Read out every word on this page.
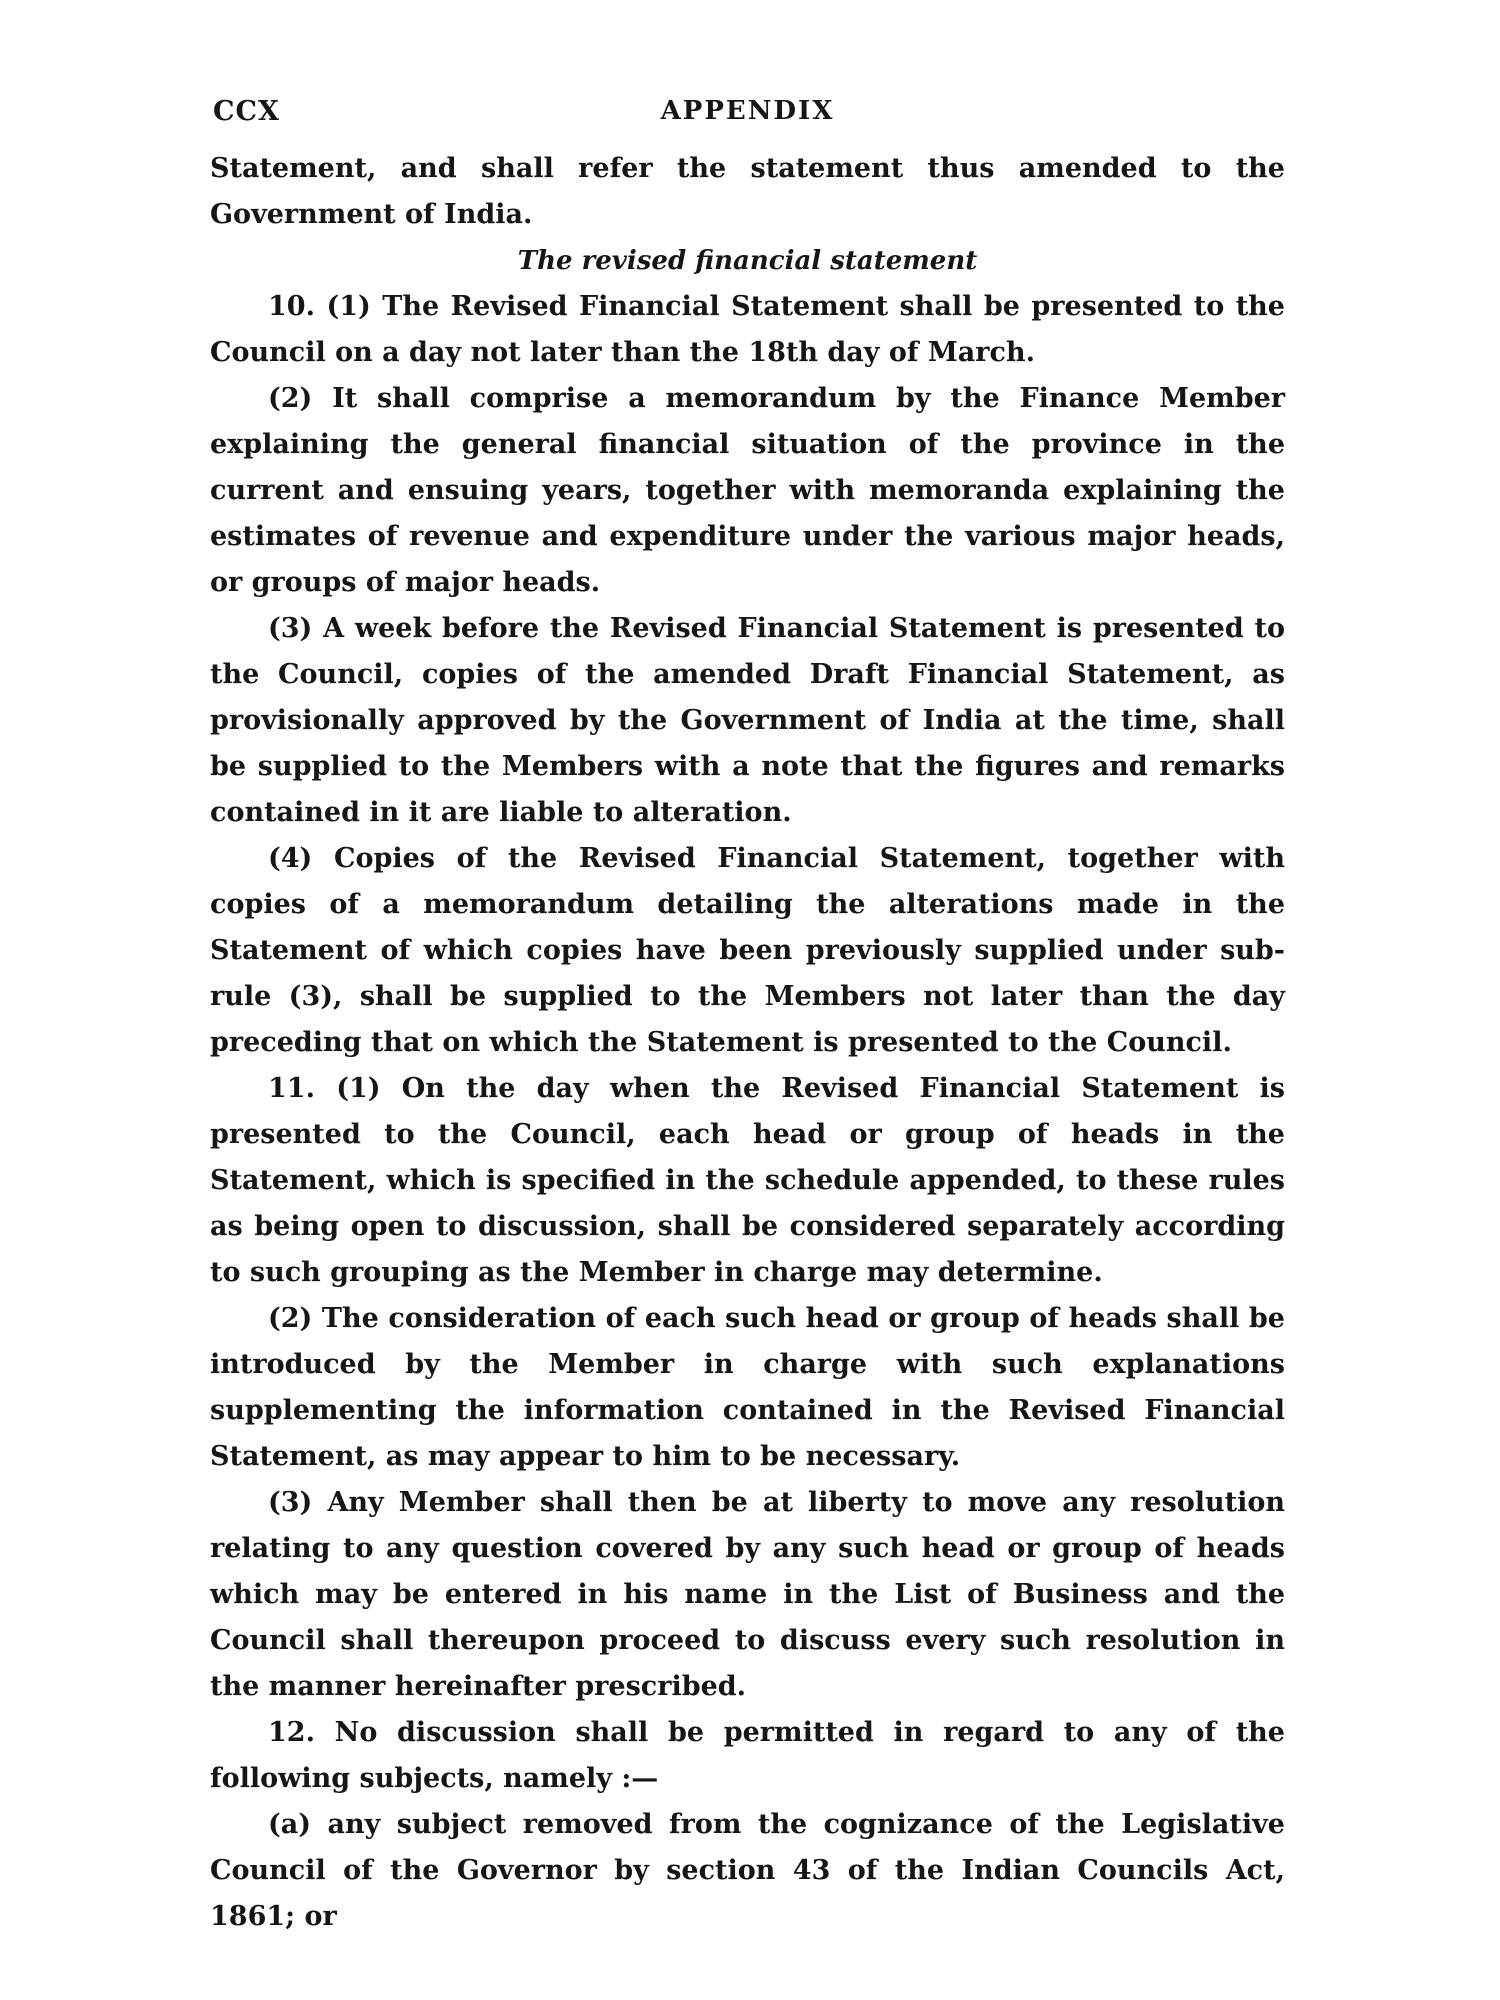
CCX	APPENDIX

Statement, and shall refer the statement thus amended to the Government of India.

The revised financial statement

10. (1) The Revised Financial Statement shall be presented to the Council on a day not later than the 18th day of March.

(2) It shall comprise a memorandum by the Finance Member explaining the general financial situation of the province in the current and ensuing years, together with memoranda explaining the estimates of revenue and expenditure under the various major heads, or groups of major heads.

(3) A week before the Revised Financial Statement is presented to the Council, copies of the amended Draft Financial Statement, as provisionally approved by the Government of India at the time, shall be supplied to the Members with a note that the figures and remarks contained in it are liable to alteration.

(4) Copies of the Revised Financial Statement, together with copies of a memorandum detailing the alterations made in the Statement of which copies have been previously supplied under sub-rule (3), shall be supplied to the Members not later than the day preceding that on which the Statement is presented to the Council.

11. (1) On the day when the Revised Financial Statement is presented to the Council, each head or group of heads in the Statement, which is specified in the schedule appended, to these rules as being open to discussion, shall be considered separately according to such grouping as the Member in charge may determine.

(2) The consideration of each such head or group of heads shall be introduced by the Member in charge with such explanations supplementing the information contained in the Revised Financial Statement, as may appear to him to be necessary.

(3) Any Member shall then be at liberty to move any resolution relating to any question covered by any such head or group of heads which may be entered in his name in the List of Business and the Council shall thereupon proceed to discuss every such resolution in the manner hereinafter prescribed.

12. No discussion shall be permitted in regard to any of the following subjects, namely :—

(a) any subject removed from the cognizance of the Legislative Council of the Governor by section 43 of the Indian Councils Act, 1861; or
